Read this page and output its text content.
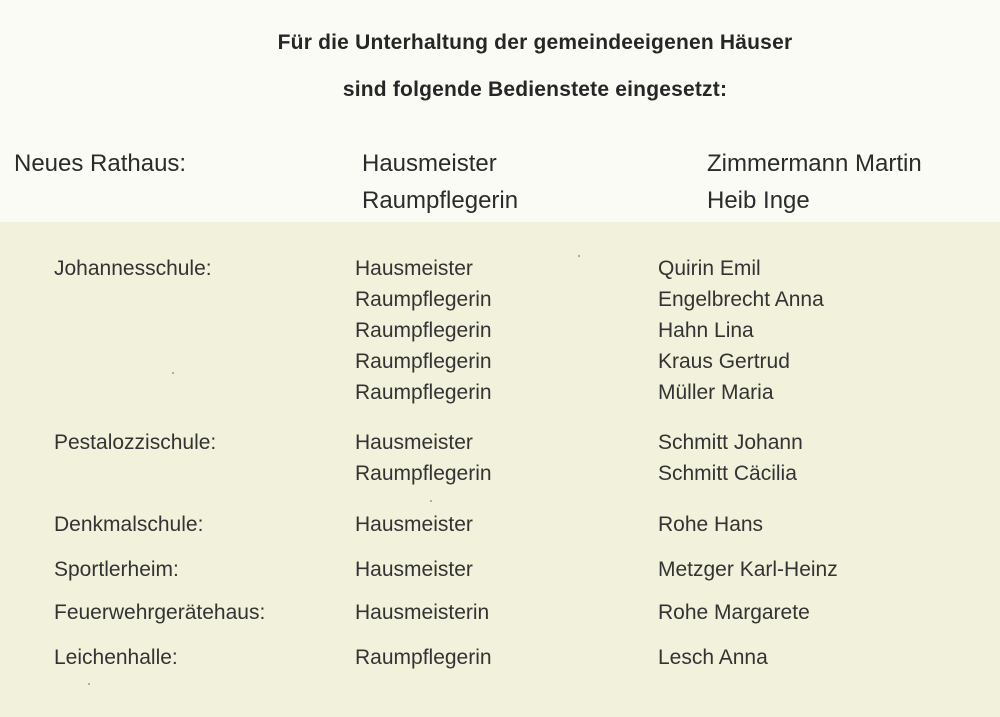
Für die Unterhaltung der gemeindeeigenen Häuser
sind folgende Bedienstete eingesetzt:
Neues Rathaus:	Hausmeister	Zimmermann Martin
Raumpflegerin	Heib Inge
Johannesschule:	Hausmeister	Quirin Emil
Raumpflegerin	Engelbrecht Anna
Raumpflegerin	Hahn Lina
Raumpflegerin	Kraus Gertrud
Raumpflegerin	Müller Maria
Pestalozzischule:	Hausmeister	Schmitt Johann
Raumpflegerin	Schmitt Cäcilia
Denkmalschule:	Hausmeister	Rohe Hans
Sportlerheim:	Hausmeister	Metzger Karl-Heinz
Feuerwehrgerätehaus:	Hausmeisterin	Rohe Margarete
Leichenhalle:	Raumpflegerin	Lesch Anna
